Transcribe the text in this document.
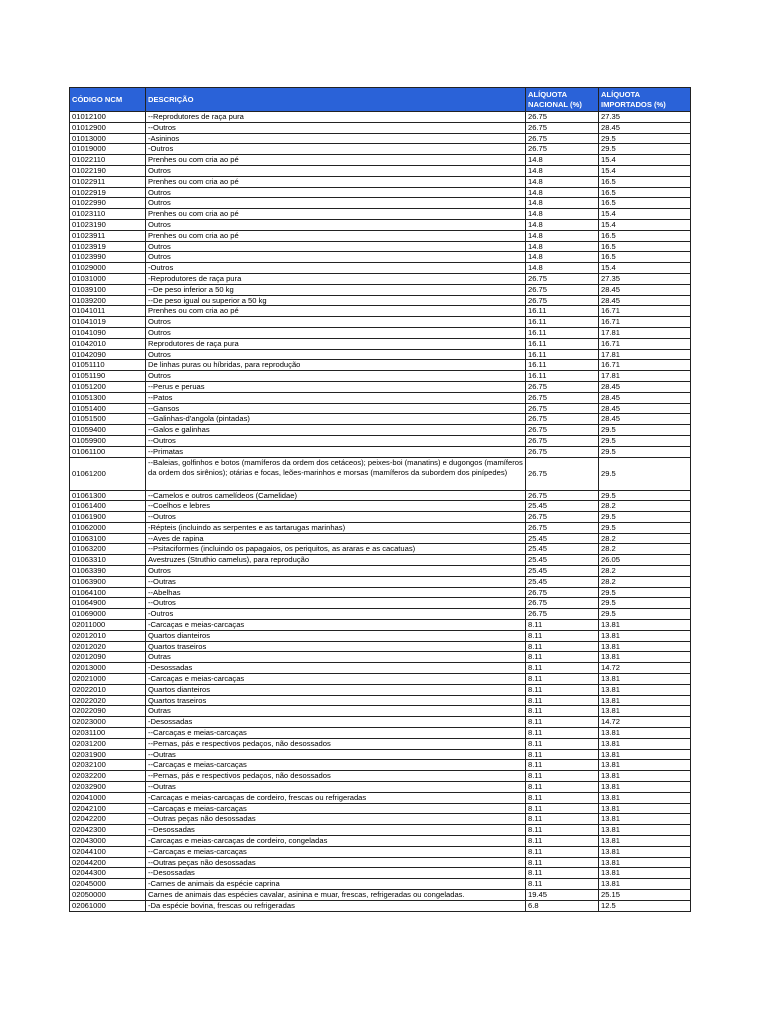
CÓDIGO NCM	DESCRIÇÃO	ALÍQUOTA NACIONAL (%)	ALÍQUOTA IMPORTADOS (%)
01012100	--Reprodutores de raça pura	26.75	27.35
01012900	--Outros	26.75	28.45
01013000	-Asininos	26.75	29.5
01019000	-Outros	26.75	29.5
01022110	Prenhes ou com cria ao pé	14.8	15.4
01022190	Outros	14.8	15.4
01022911	Prenhes ou com cria ao pé	14.8	16.5
01022919	Outros	14.8	16.5
01022990	Outros	14.8	16.5
01023110	Prenhes ou com cria ao pé	14.8	15.4
01023190	Outros	14.8	15.4
01023911	Prenhes ou com cria ao pé	14.8	16.5
01023919	Outros	14.8	16.5
01023990	Outros	14.8	16.5
01029000	-Outros	14.8	15.4
01031000	-Reprodutores de raça pura	26.75	27.35
01039100	--De peso inferior a 50 kg	26.75	28.45
01039200	--De peso igual ou superior a 50 kg	26.75	28.45
01041011	Prenhes ou com cria ao pé	16.11	16.71
01041019	Outros	16.11	16.71
01041090	Outros	16.11	17.81
01042010	Reprodutores de raça pura	16.11	16.71
01042090	Outros	16.11	17.81
01051110	De linhas puras ou híbridas, para reprodução	16.11	16.71
01051190	Outros	16.11	17.81
01051200	--Perus e peruas	26.75	28.45
01051300	--Patos	26.75	28.45
01051400	--Gansos	26.75	28.45
01051500	--Galinhas-d'angola (pintadas)	26.75	28.45
01059400	--Galos e galinhas	26.75	29.5
01059900	--Outros	26.75	29.5
01061100	--Primatas	26.75	29.5
01061200	--Baleias, golfinhos e botos (mamíferos da ordem dos cetáceos); peixes-boi (manatins) e dugongos (mamíferos da ordem dos sirênios); otárias e focas, leões-marinhos e morsas (mamíferos da subordem dos pinípedes)	26.75	29.5
01061300	--Camelos e outros camelídeos (Camelidae)	26.75	29.5
01061400	--Coelhos e lebres	25.45	28.2
01061900	--Outros	26.75	29.5
01062000	-Répteis (incluindo as serpentes e as tartarugas marinhas)	26.75	29.5
01063100	--Aves de rapina	25.45	28.2
01063200	--Psitaciformes (incluindo os papagaios, os periquitos, as araras e as cacatuas)	25.45	28.2
01063310	Avestruzes (Struthio camelus), para reprodução	25.45	26.05
01063390	Outros	25.45	28.2
01063900	--Outras	25.45	28.2
01064100	--Abelhas	26.75	29.5
01064900	--Outros	26.75	29.5
01069000	-Outros	26.75	29.5
02011000	-Carcaças e meias-carcaças	8.11	13.81
02012010	Quartos dianteiros	8.11	13.81
02012020	Quartos traseiros	8.11	13.81
02012090	Outras	8.11	13.81
02013000	-Desossadas	8.11	14.72
02021000	-Carcaças e meias-carcaças	8.11	13.81
02022010	Quartos dianteiros	8.11	13.81
02022020	Quartos traseiros	8.11	13.81
02022090	Outras	8.11	13.81
02023000	-Desossadas	8.11	14.72
02031100	--Carcaças e meias-carcaças	8.11	13.81
02031200	--Pernas, pás e respectivos pedaços, não desossados	8.11	13.81
02031900	--Outras	8.11	13.81
02032100	--Carcaças e meias-carcaças	8.11	13.81
02032200	--Pernas, pás e respectivos pedaços, não desossados	8.11	13.81
02032900	--Outras	8.11	13.81
02041000	-Carcaças e meias-carcaças de cordeiro, frescas ou refrigeradas	8.11	13.81
02042100	--Carcaças e meias-carcaças	8.11	13.81
02042200	--Outras peças não desossadas	8.11	13.81
02042300	--Desossadas	8.11	13.81
02043000	-Carcaças e meias-carcaças de cordeiro, congeladas	8.11	13.81
02044100	--Carcaças e meias-carcaças	8.11	13.81
02044200	--Outras peças não desossadas	8.11	13.81
02044300	--Desossadas	8.11	13.81
02045000	-Carnes de animais da espécie caprina	8.11	13.81
02050000	Carnes de animais das espécies cavalar, asinina e muar, frescas, refrigeradas ou congeladas.	19.45	25.15
02061000	-Da espécie bovina, frescas ou refrigeradas	6.8	12.5
